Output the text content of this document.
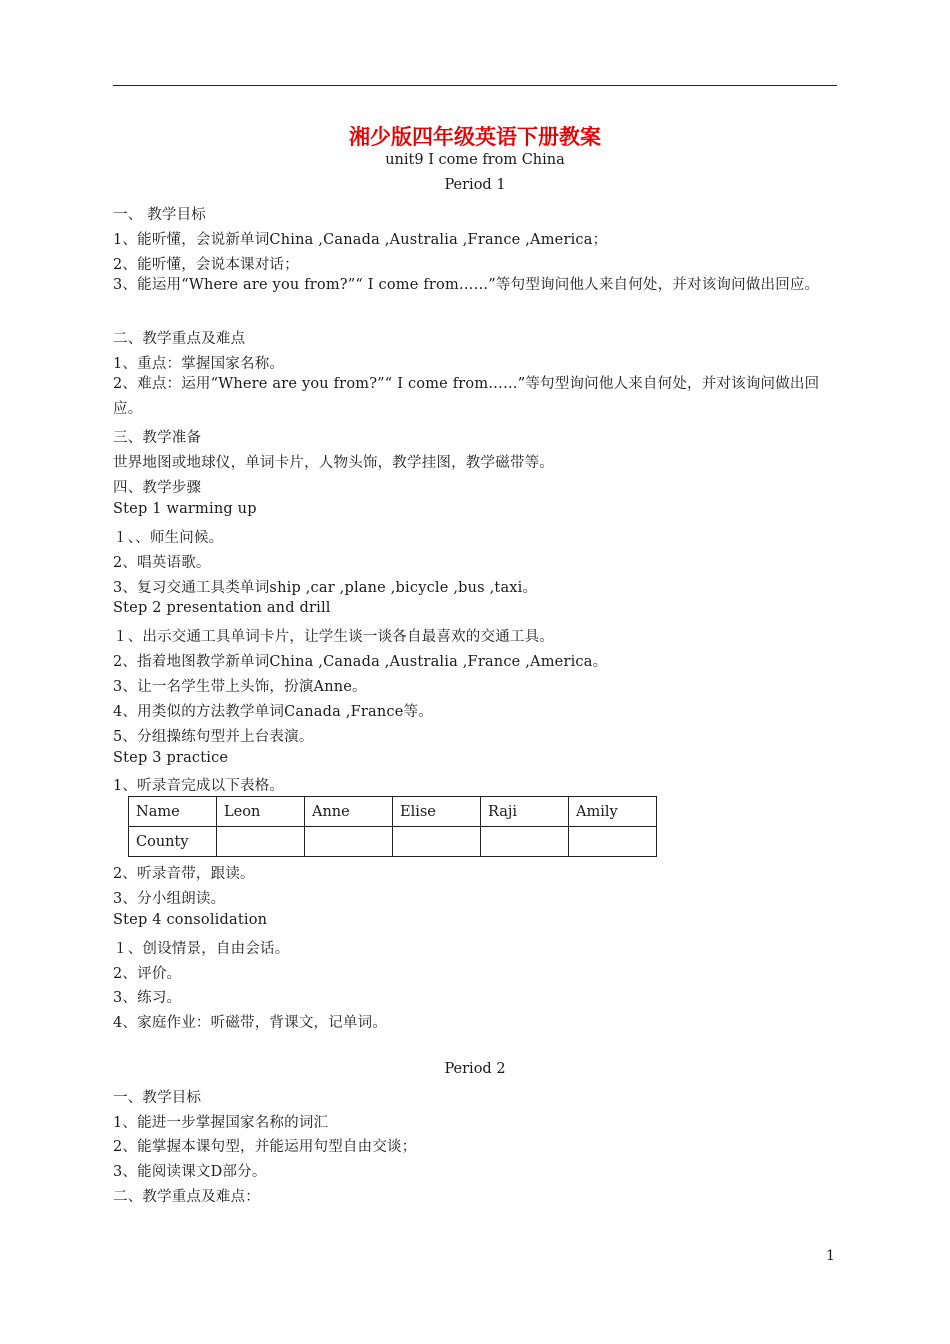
湘少版四年级英语下册教案
unit9 I come from China
Period 1
一、 教学目标
1、能听懂，会说新单词China ,Canada ,Australia ,France ,America；
2、能听懂，会说本课对话；
3、能运用“Where are you from?”“ I come from……”等句型询问他人来自何处，并对该询问做出回应。
二、教学重点及难点
1、重点：掌握国家名称。
2、难点：运用“Where are you from?”“ I come from……”等句型询问他人来自何处，并对该询问做出回应。
三、教学准备
世界地图或地球仪，单词卡片，人物头饰，教学挂图，教学磁带等。
四、教学步骤
Step 1 warming up
１、、师生问候。
2、唱英语歌。
3、复习交通工具类单词ship ,car ,plane ,bicycle ,bus ,taxi。
Step 2 presentation and drill
１、出示交通工具单词卡片，让学生谈一谈各自最喜欢的交通工具。
2、指着地图教学新单词China ,Canada ,Australia ,France ,America。
3、让一名学生带上头饰，扮演Anne。
4、用类似的方法教学单词Canada ,France等。
5、分组操练句型并上台表演。
Step 3 practice
1、听录音完成以下表格。
Name	Leon	Anne	Elise	Raji	Amily
County					
2、听录音带，跟读。
3、分小组朗读。
Step 4 consolidation
１、创设情景，自由会话。
2、评价。
3、练习。
4、家庭作业：听磁带，背课文，记单词。
Period 2
一、教学目标
1、能进一步掌握国家名称的词汇
2、能掌握本课句型，并能运用句型自由交谈；
3、能阅读课文D部分。
二、教学重点及难点：
1
